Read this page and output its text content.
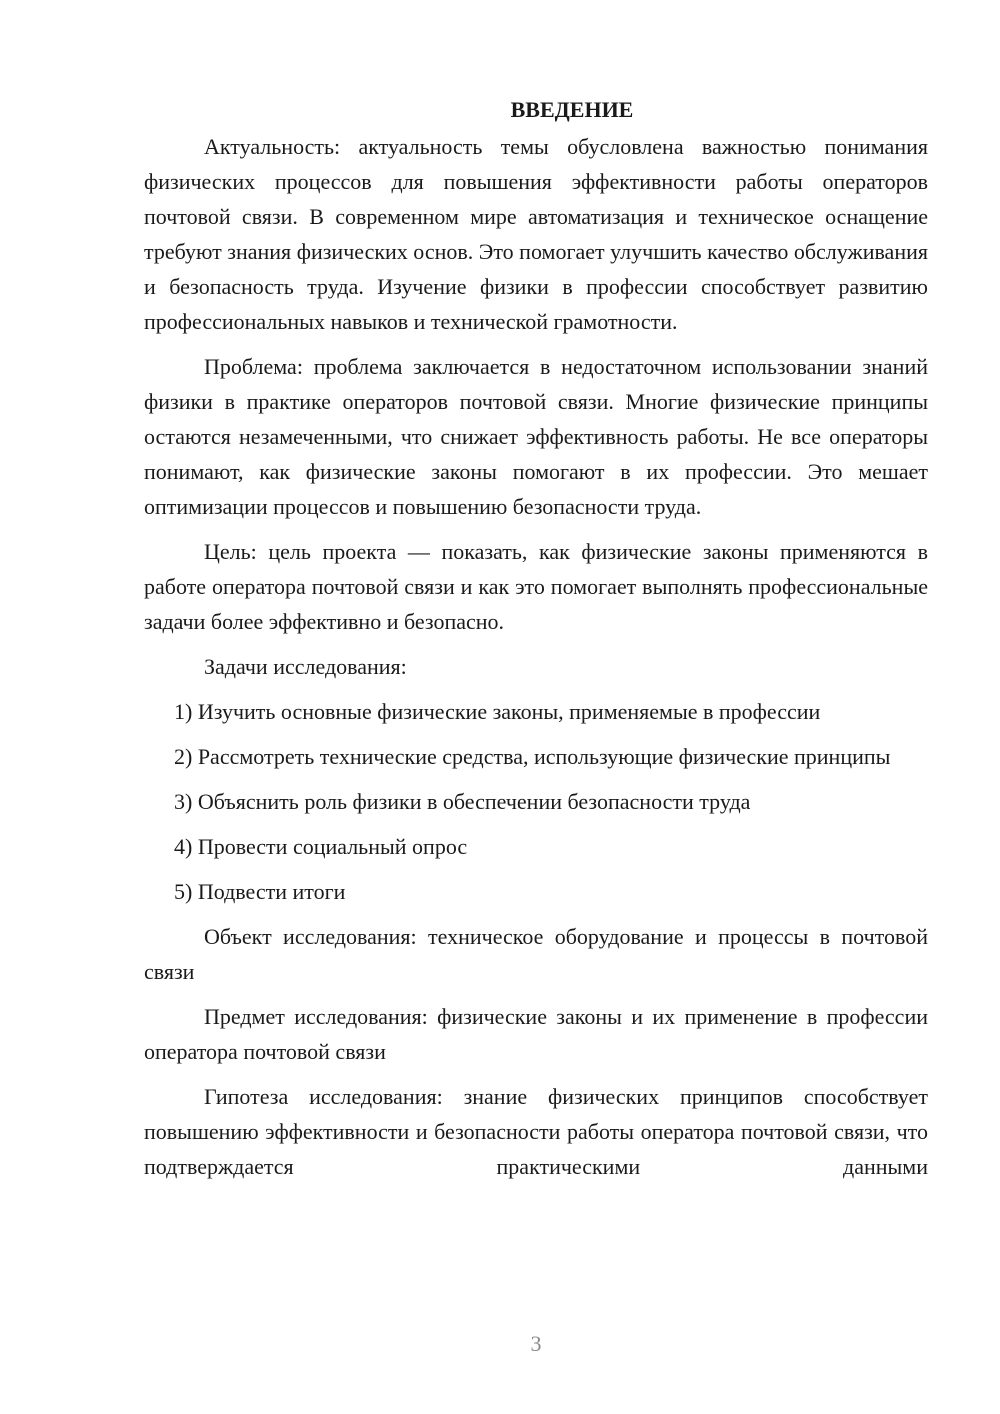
ВВЕДЕНИЕ

Актуальность: актуальность темы обусловлена важностью понимания физических процессов для повышения эффективности работы операторов почтовой связи. В современном мире автоматизация и техническое оснащение требуют знания физических основ. Это помогает улучшить качество обслуживания и безопасность труда. Изучение физики в профессии способствует развитию профессиональных навыков и технической грамотности.

Проблема: проблема заключается в недостаточном использовании знаний физики в практике операторов почтовой связи. Многие физические принципы остаются незамеченными, что снижает эффективность работы. Не все операторы понимают, как физические законы помогают в их профессии. Это мешает оптимизации процессов и повышению безопасности труда.

Цель: цель проекта — показать, как физические законы применяются в работе оператора почтовой связи и как это помогает выполнять профессиональные задачи более эффективно и безопасно.

Задачи исследования:

1) Изучить основные физические законы, применяемые в профессии

2) Рассмотреть технические средства, использующие физические принципы

3) Объяснить роль физики в обеспечении безопасности труда

4) Провести социальный опрос

5) Подвести итоги

Объект исследования: техническое оборудование и процессы в почтовой связи

Предмет исследования: физические законы и их применение в профессии оператора почтовой связи

Гипотеза исследования: знание физических принципов способствует повышению эффективности и безопасности работы оператора почтовой связи, что подтверждается практическими данными

3
